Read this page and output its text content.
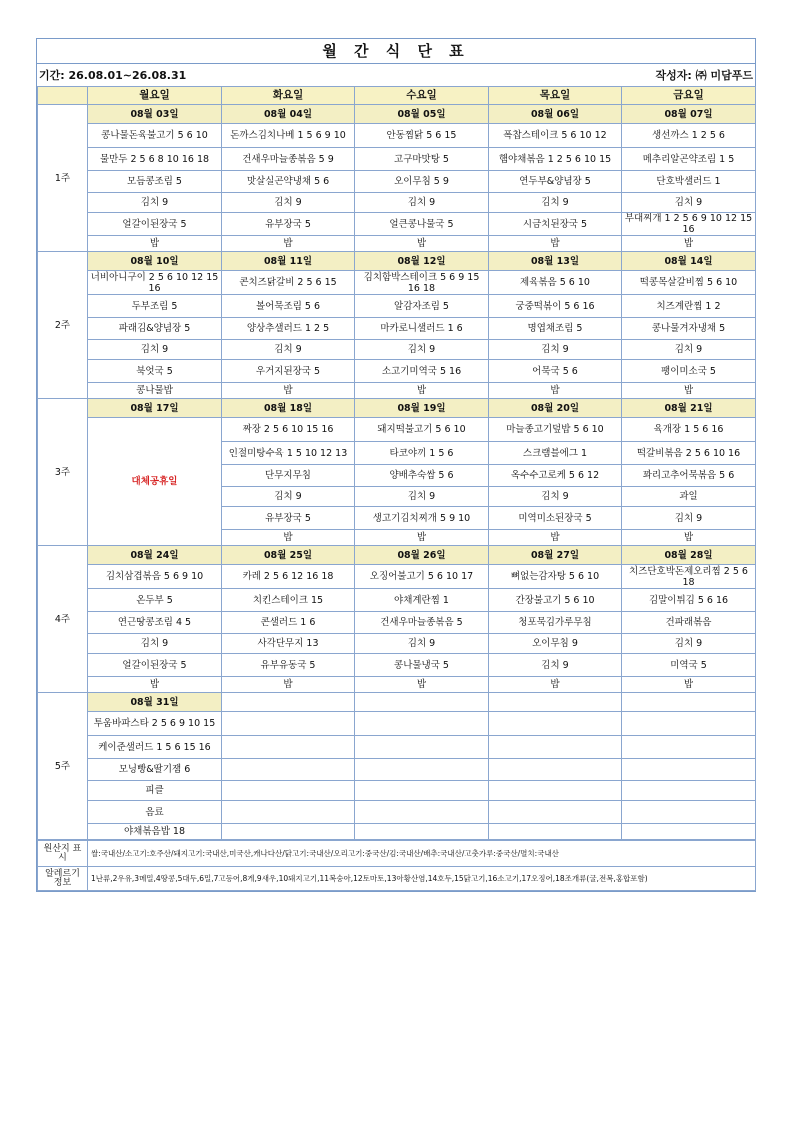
월 간 식 단 표
기간: 26.08.01~26.08.31	작성자: ㈜ 미담푸드
	월요일	화요일	수요일	목요일	금요일
1주	08월 03일	08월 04일	08월 05일	08월 06일	08월 07일
	콩나물돈육불고기 5 6 10	돈까스김치나베 1 5 6 9 10	안동찜닭 5 6 15	폭찹스테이크 5 6 10 12	생선까스 1 2 5 6
	물만두 2 5 6 8 10 16 18	건새우마늘종볶음 5 9	고구마맛탕 5	햄야채볶음 1 2 5 6 10 15	메추리알곤약조림 1 5
	모듬콩조림 5	맛살실곤약냉채 5 6	오이무침 5 9	연두부&양념장 5	단호박샐러드 1
	김치 9	김치 9	김치 9	김치 9	김치 9
	얼갈이된장국 5	유부장국 5	얼큰콩나물국 5	시금치된장국 5	부대찌개 1 2 5 6 9 10 12 15 16
	밥	밥	밥	밥	밥
2주	08월 10일	08월 11일	08월 12일	08월 13일	08월 14일
	너비아니구이 2 5 6 10 12 15 16	콘치즈닭갈비 2 5 6 15	김치함박스테이크 5 6 9 15 16 18	제육볶음 5 6 10	떡콩목살갈비찜 5 6 10
	두부조림 5	볼어묵조림 5 6	알감자조림 5	궁중떡볶이 5 6 16	치즈계란찜 1 2
	파래김&양념장 5	양상추샐러드 1 2 5	마카로니샐러드 1 6	명엽채조림 5	콩나물겨자냉채 5
	김치 9	김치 9	김치 9	김치 9	김치 9
	북엇국 5	우거지된장국 5	소고기미역국 5 16	어묵국 5 6	팽이미소국 5
	콩나물밥	밥	밥	밥	밥
3주	08월 17일	08월 18일	08월 19일	08월 20일	08월 21일
	대체공휴일	짜장 2 5 6 10 15 16	돼지떡불고기 5 6 10	마늘종고기덮밥 5 6 10	육개장 1 5 6 16
		인절미탕수육 1 5 10 12 13	타코야끼 1 5 6	스크램블에그 1	떡갈비볶음 2 5 6 10 16
		단무지무침	양배추숙쌈 5 6	옥수수고로케 5 6 12	꽈리고추어묵볶음 5 6
		김치 9	김치 9	김치 9	과일
		유부장국 5	생고기김치찌개 5 9 10	미역미소된장국 5	김치 9
		밥	밥	밥	밥
4주	08월 24일	08월 25일	08월 26일	08월 27일	08월 28일
	김치삼겹볶음 5 6 9 10	카레 2 5 6 12 16 18	오징어불고기 5 6 10 17	뼈없는감자탕 5 6 10	치즈단호박돈제오리찜 2 5 6 18
	온두부 5	치킨스테이크 15	야채계란찜 1	간장불고기 5 6 10	김말이튀김 5 6 16
	연근땅콩조림 4 5	콘샐러드 1 6	건새우마늘종볶음 5	청포묵김가루무침	건파래볶음
	김치 9	사각단무지 13	김치 9	오이무침 9	김치 9
	얼갈이된장국 5	유부유동국 5	콩나물냉국 5	김치 9	미역국 5
	밥	밥	밥	밥	밥
5주	08월 31일				
	투움바파스타 2 5 6 9 10 15				
	케이준샐러드 1 5 6 15 16				
	모닝빵&딸기잼 6				
	피클				
	음료				
	야채볶음밥 18				
원산지 표시	쌀:국내산/소고기:호주산/돼지고기:국내산,미국산,캐나다산/닭고기:국내산/오리고기:중국산/김:국내산/배추:국내산/고춧가루:중국산/멸치:국내산
알레르기 정보	1난류,2우유,3메밀,4땅콩,5대두,6밀,7고등어,8게,9새우,10돼지고기,11복숭아,12토마토,13아황산염,14호두,15닭고기,16소고기,17오징어,18조개류(굴,전복,홍합포함)
